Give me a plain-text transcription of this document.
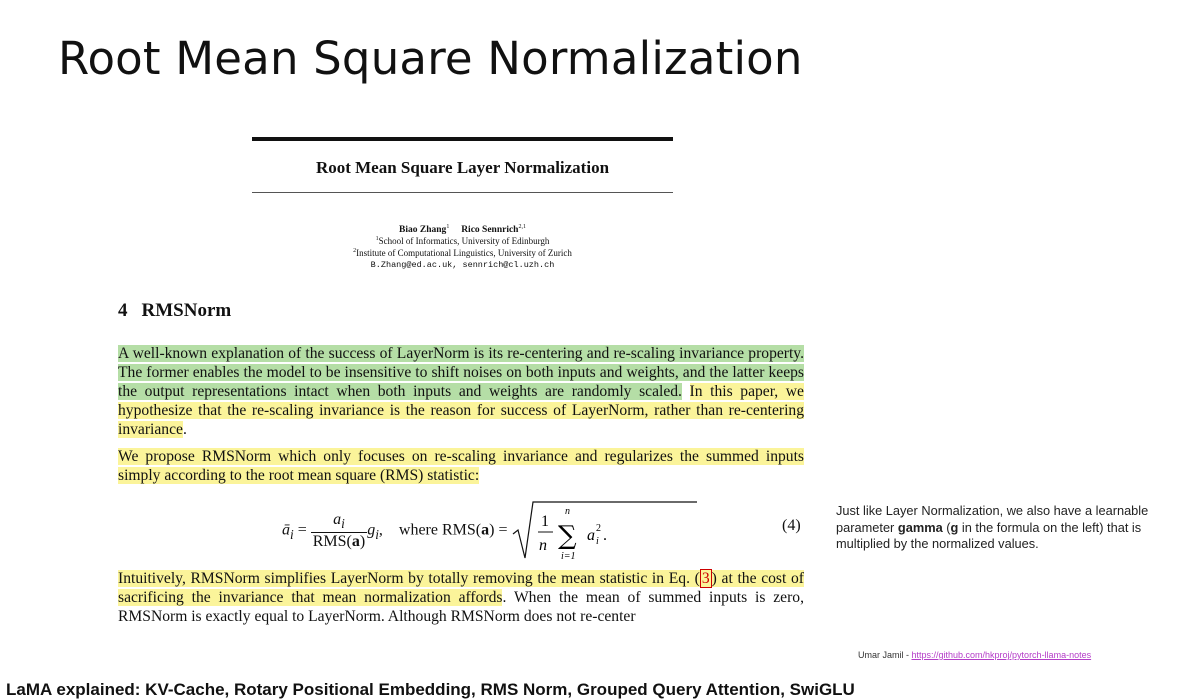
Root Mean Square Normalization
Root Mean Square Layer Normalization
Biao Zhang$^1$ Rico Sennrich$^{2,1}$
$^1$School of Informatics, University of Edinburgh
$^2$Institute of Computational Linguistics, University of Zurich
B.Zhang@ed.ac.uk, sennrich@cl.uzh.ch
4 RMSNorm
A well-known explanation of the success of LayerNorm is its re-centering and re-scaling invariance property. The former enables the model to be insensitive to shift noises on both inputs and weights, and the latter keeps the output representations intact when both inputs and weights are randomly scaled. In this paper, we hypothesize that the re-scaling invariance is the reason for success of LayerNorm, rather than re-centering invariance.
We propose RMSNorm which only focuses on re-scaling invariance and regularizes the summed inputs simply according to the root mean square (RMS) statistic:
$ā_i = \frac{a_i}{\text{RMS(a)}} g_i$,    where RMS(a) =
1
n ∑
n
i=1
a i
2 .
(4)
Intuitively, RMSNorm simplifies LayerNorm by totally removing the mean statistic in Eq. ( 3 ) at the cost of sacrificing the invariance that mean normalization affords. When the mean of summed inputs is zero, RMSNorm is exactly equal to LayerNorm. Although RMSNorm does not re-center
Just like Layer Normalization, we also have a learnable parameter gamma (g in the formula on the left) that is multiplied by the normalized values.
Umar Jamil - https://github.com/hkproj/pytorch-llama-notes
LaMA explained: KV-Cache, Rotary Positional Embedding, RMS Norm, Grouped Query Attention, SwiGLU
